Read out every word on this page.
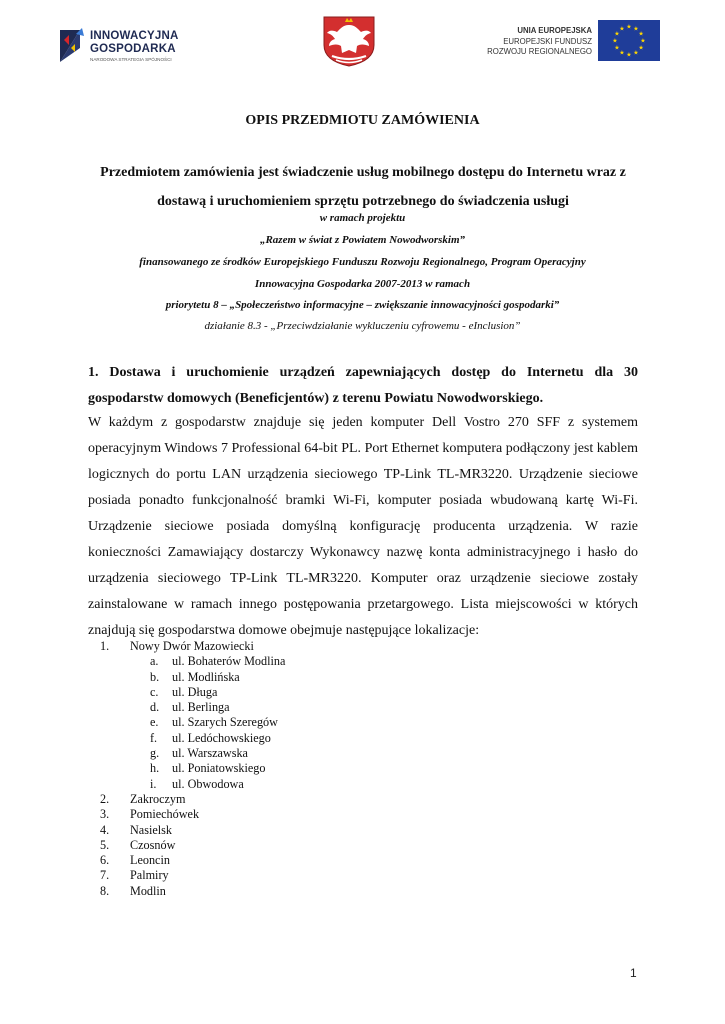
INNOWACYJNA
GOSPODARKA
NARODOWA STRATEGIA SPÓJNOŚCI
UNIA EUROPEJSKA
EUROPEJSKI FUNDUSZ
ROZWOJU REGIONALNEGO
★ ★
★
★
★
★
★
★
★
★
★
★
OPIS PRZEDMIOTU ZAMÓWIENIA
Przedmiotem zamówienia jest świadczenie usług mobilnego dostępu do Internetu wraz z dostawą i uruchomieniem sprzętu potrzebnego do świadczenia usługi
w ramach projektu
„Razem w świat z Powiatem Nowodworskim”
finansowanego ze środków Europejskiego Funduszu Rozwoju Regionalnego, Program Operacyjny
Innowacyjna Gospodarka 2007-2013 w ramach
priorytetu 8 – „Społeczeństwo informacyjne – zwiększanie innowacyjności gospodarki”
działanie 8.3 - „Przeciwdziałanie wykluczeniu cyfrowemu - eInclusion”
1. Dostawa i uruchomienie urządzeń zapewniających dostęp do Internetu dla 30 gospodarstw domowych (Beneficjentów) z terenu Powiatu Nowodworskiego.

W każdym z gospodarstw znajduje się jeden komputer Dell Vostro 270 SFF z systemem operacyjnym Windows 7 Professional 64-bit PL. Port Ethernet komputera podłączony jest kablem logicznych do portu LAN urządzenia sieciowego TP-Link TL-MR3220. Urządzenie sieciowe posiada ponadto funkcjonalność bramki Wi-Fi, komputer posiada wbudowaną kartę Wi-Fi. Urządzenie sieciowe posiada domyślną konfigurację producenta urządzenia. W razie konieczności Zamawiający dostarczy Wykonawcy nazwę konta administracyjnego i hasło do urządzenia sieciowego TP-Link TL-MR3220. Komputer oraz urządzenie sieciowe zostały zainstalowane w ramach innego postępowania przetargowego. Lista miejscowości w których znajdują się gospodarstwa domowe obejmuje następujące lokalizacje:

1.	Nowy Dwór Mazowiecki
a.	ul. Bohaterów Modlina
b.	ul. Modlińska
c.	ul. Długa
d.	ul. Berlinga
e.	ul. Szarych Szeregów
f.	ul. Ledóchowskiego
g.	ul. Warszawska
h.	ul. Poniatowskiego
i.	ul. Obwodowa
2.	Zakroczym
3.	Pomiechówek
4.	Nasielsk
5.	Czosnów
6.	Leoncin
7.	Palmiry
8.	Modlin
1
